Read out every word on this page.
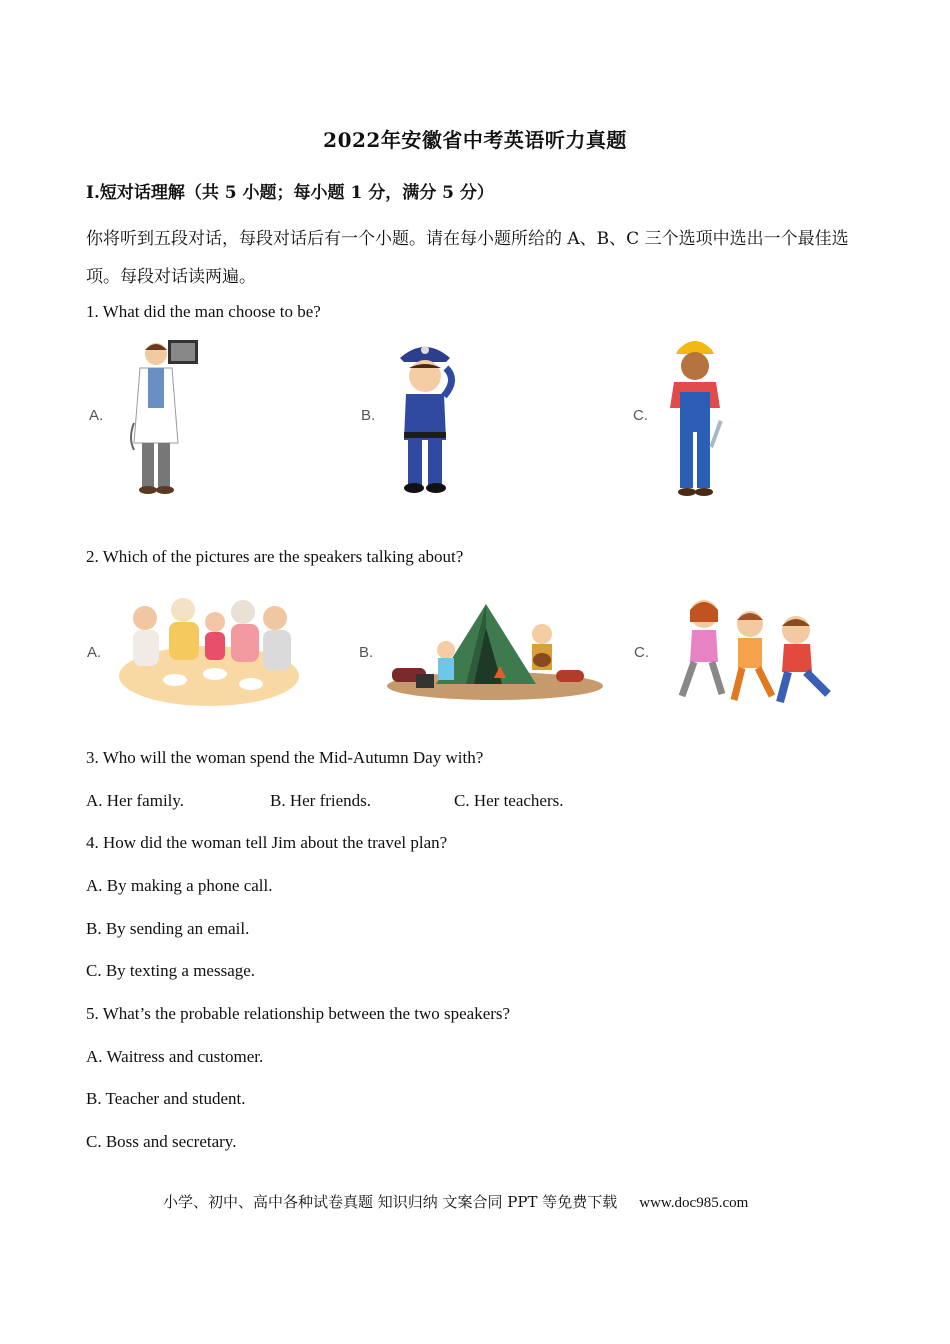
2022年安徽省中考英语听力真题
I.短对话理解（共 5 小题；每小题 1 分，满分 5 分）
你将听到五段对话，每段对话后有一个小题。请在每小题所给的 A、B、C 三个选项中选出一个最佳选项。每段对话读两遍。
1. What did the man choose to be?
A.	B.	C.
2. Which of the pictures are the speakers talking about?
A.	B.	C.
3. Who will the woman spend the Mid-Autumn Day with?
A. Her family.	B. Her friends.	C. Her teachers.
4. How did the woman tell Jim about the travel plan?
A. By making a phone call.
B. By sending an email.
C. By texting a message.
5. What’s the probable relationship between the two speakers?
A. Waitress and customer.
B. Teacher and student.
C. Boss and secretary.
小学、初中、高中各种试卷真题 知识归纳 文案合同 PPT 等免费下载 www.doc985.com
